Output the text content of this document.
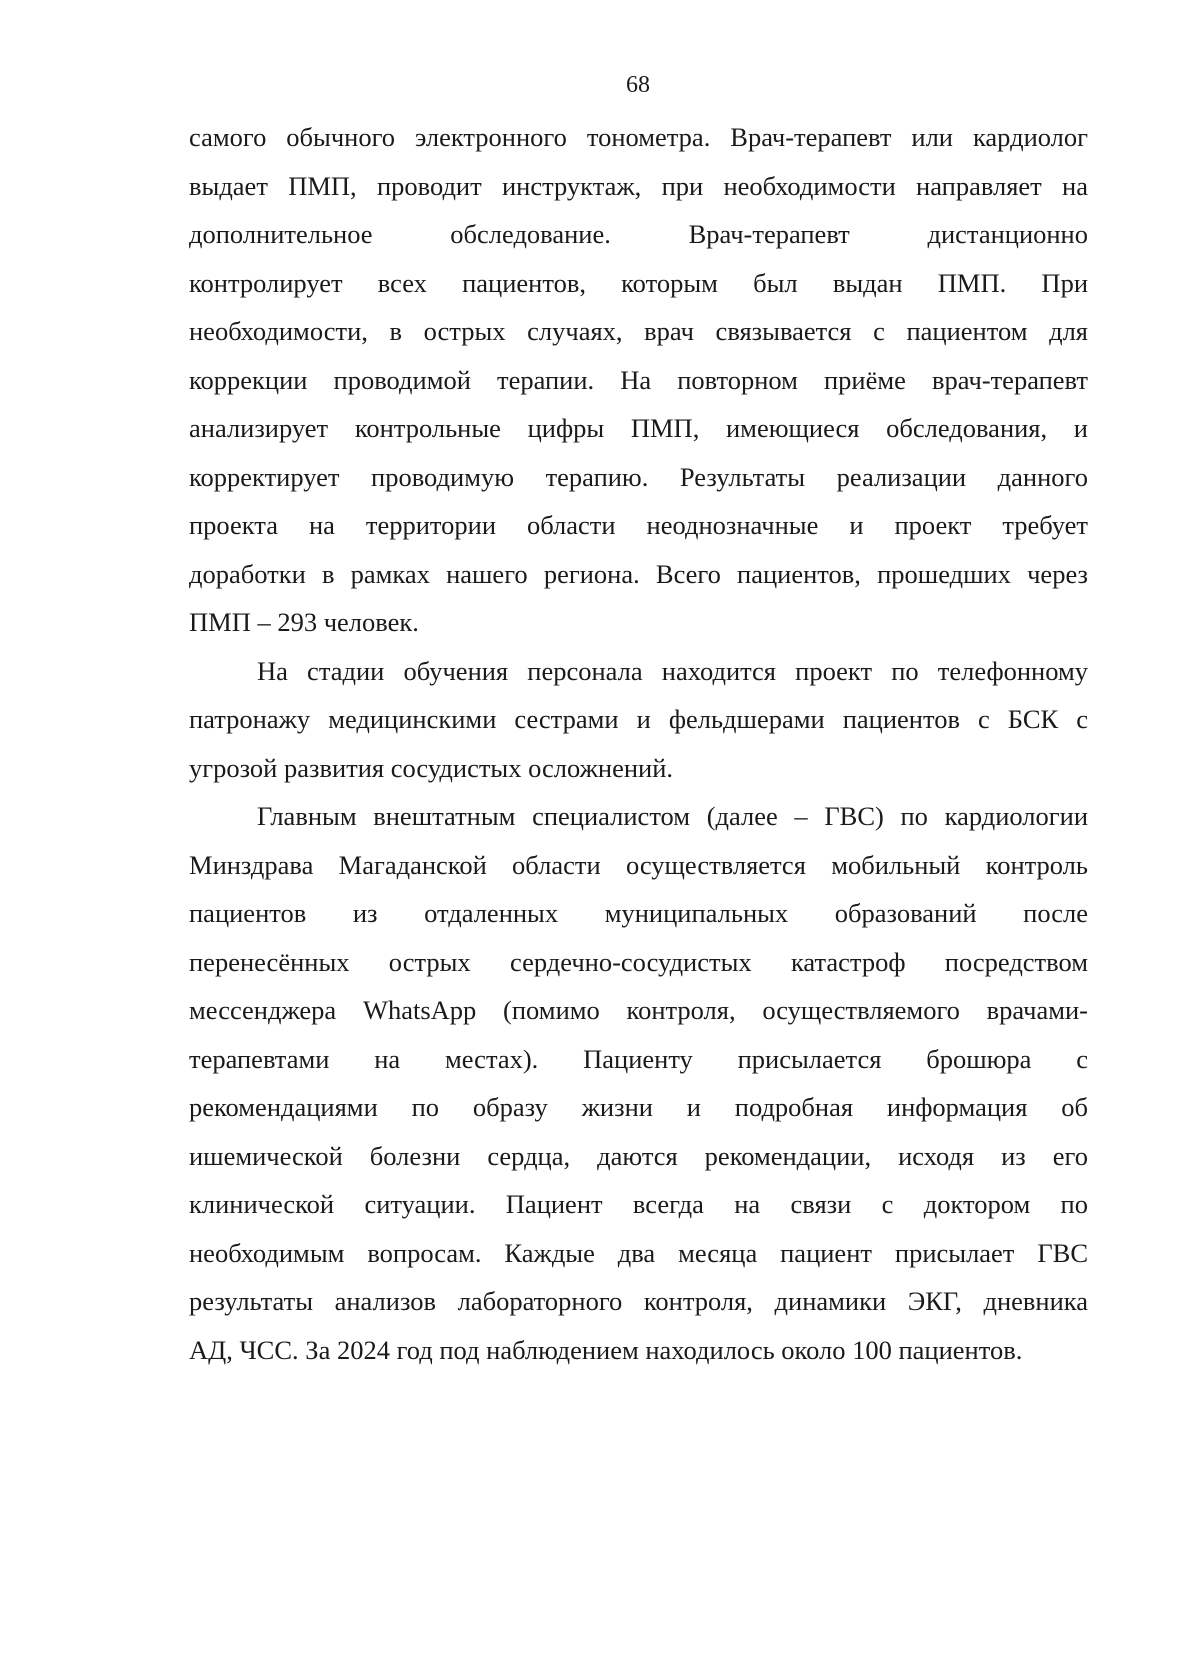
68
самого обычного электронного тонометра. Врач-терапевт или кардиолог
выдает ПМП, проводит инструктаж, при необходимости направляет на
дополнительное обследование. Врач-терапевт дистанционно
контролирует всех пациентов, которым был выдан ПМП. При
необходимости, в острых случаях, врач связывается с пациентом для
коррекции проводимой терапии. На повторном приёме врач-терапевт
анализирует контрольные цифры ПМП, имеющиеся обследования, и
корректирует проводимую терапию. Результаты реализации данного
проекта на территории области неоднозначные и проект требует
доработки в рамках нашего региона. Всего пациентов, прошедших через
ПМП – 293 человек.
На стадии обучения персонала находится проект по телефонному
патронажу медицинскими сестрами и фельдшерами пациентов с БСК с
угрозой развития сосудистых осложнений.
Главным внештатным специалистом (далее – ГВС) по кардиологии
Минздрава Магаданской области осуществляется мобильный контроль
пациентов из отдаленных муниципальных образований после
перенесённых острых сердечно-сосудистых катастроф посредством
мессенджера WhatsApp (помимо контроля, осуществляемого врачами-
терапевтами на местах). Пациенту присылается брошюра с
рекомендациями по образу жизни и подробная информация об
ишемической болезни сердца, даются рекомендации, исходя из его
клинической ситуации. Пациент всегда на связи с доктором по
необходимым вопросам. Каждые два месяца пациент присылает ГВС
результаты анализов лабораторного контроля, динамики ЭКГ, дневника
АД, ЧСС. За 2024 год под наблюдением находилось около 100 пациентов.
